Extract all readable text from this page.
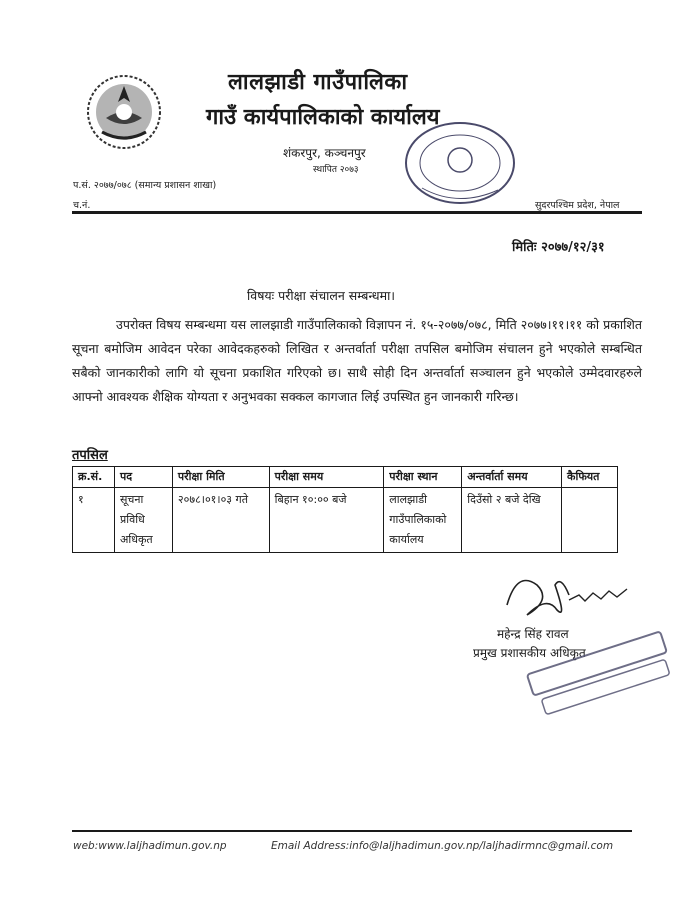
लालझाडी गाउँपालिका
गाउँ कार्यपालिकाको कार्यालय
शंकरपुर, कञ्चनपुर
स्थापित २०७३
प.सं. २०७७/०७८ (समान्य प्रशासन शाखा)
च.नं.	सुदरपश्चिम प्रदेश, नेपाल
मितिः २०७७/१२/३१
विषयः परीक्षा संचालन सम्बन्धमा।

उपरोक्त विषय सम्बन्धमा यस लालझाडी गाउँपालिकाको विज्ञापन नं. १५-२०७७/०७८, मिति २०७७।११।११ को प्रकाशित सूचना बमोजिम आवेदन परेका आवेदकहरुको लिखित र अन्तर्वार्ता परीक्षा तपसिल बमोजिम संचालन हुने भएकोले सम्बन्धित सबैको जानकारीको लागि यो सूचना प्रकाशित गरिएको छ। साथै सोही दिन अन्तर्वार्ता सञ्चालन हुने भएकोले उम्मेदवारहरुले आफ्नो आवश्यक शैक्षिक योग्यता र अनुभवका सक्कल कागजात लिई उपस्थित हुन जानकारी गरिन्छ।

तपसिल
क्र.सं.	पद	परीक्षा मिति	परीक्षा समय	परीक्षा स्थान	अन्तर्वार्ता समय	कैफियत
१	सूचना प्रविधि अधिकृत	२०७८।०१।०३ गते	बिहान १०:०० बजे	लालझाडी गाउँपालिकाको कार्यालय	दिउँसो २ बजे देखि	
महेन्द्र सिंह रावल
प्रमुख प्रशासकीय अधिकृत
web:www.laljhadimun.gov.np	Email Address:info@laljhadimun.gov.np/laljhadirmnc@gmail.com
